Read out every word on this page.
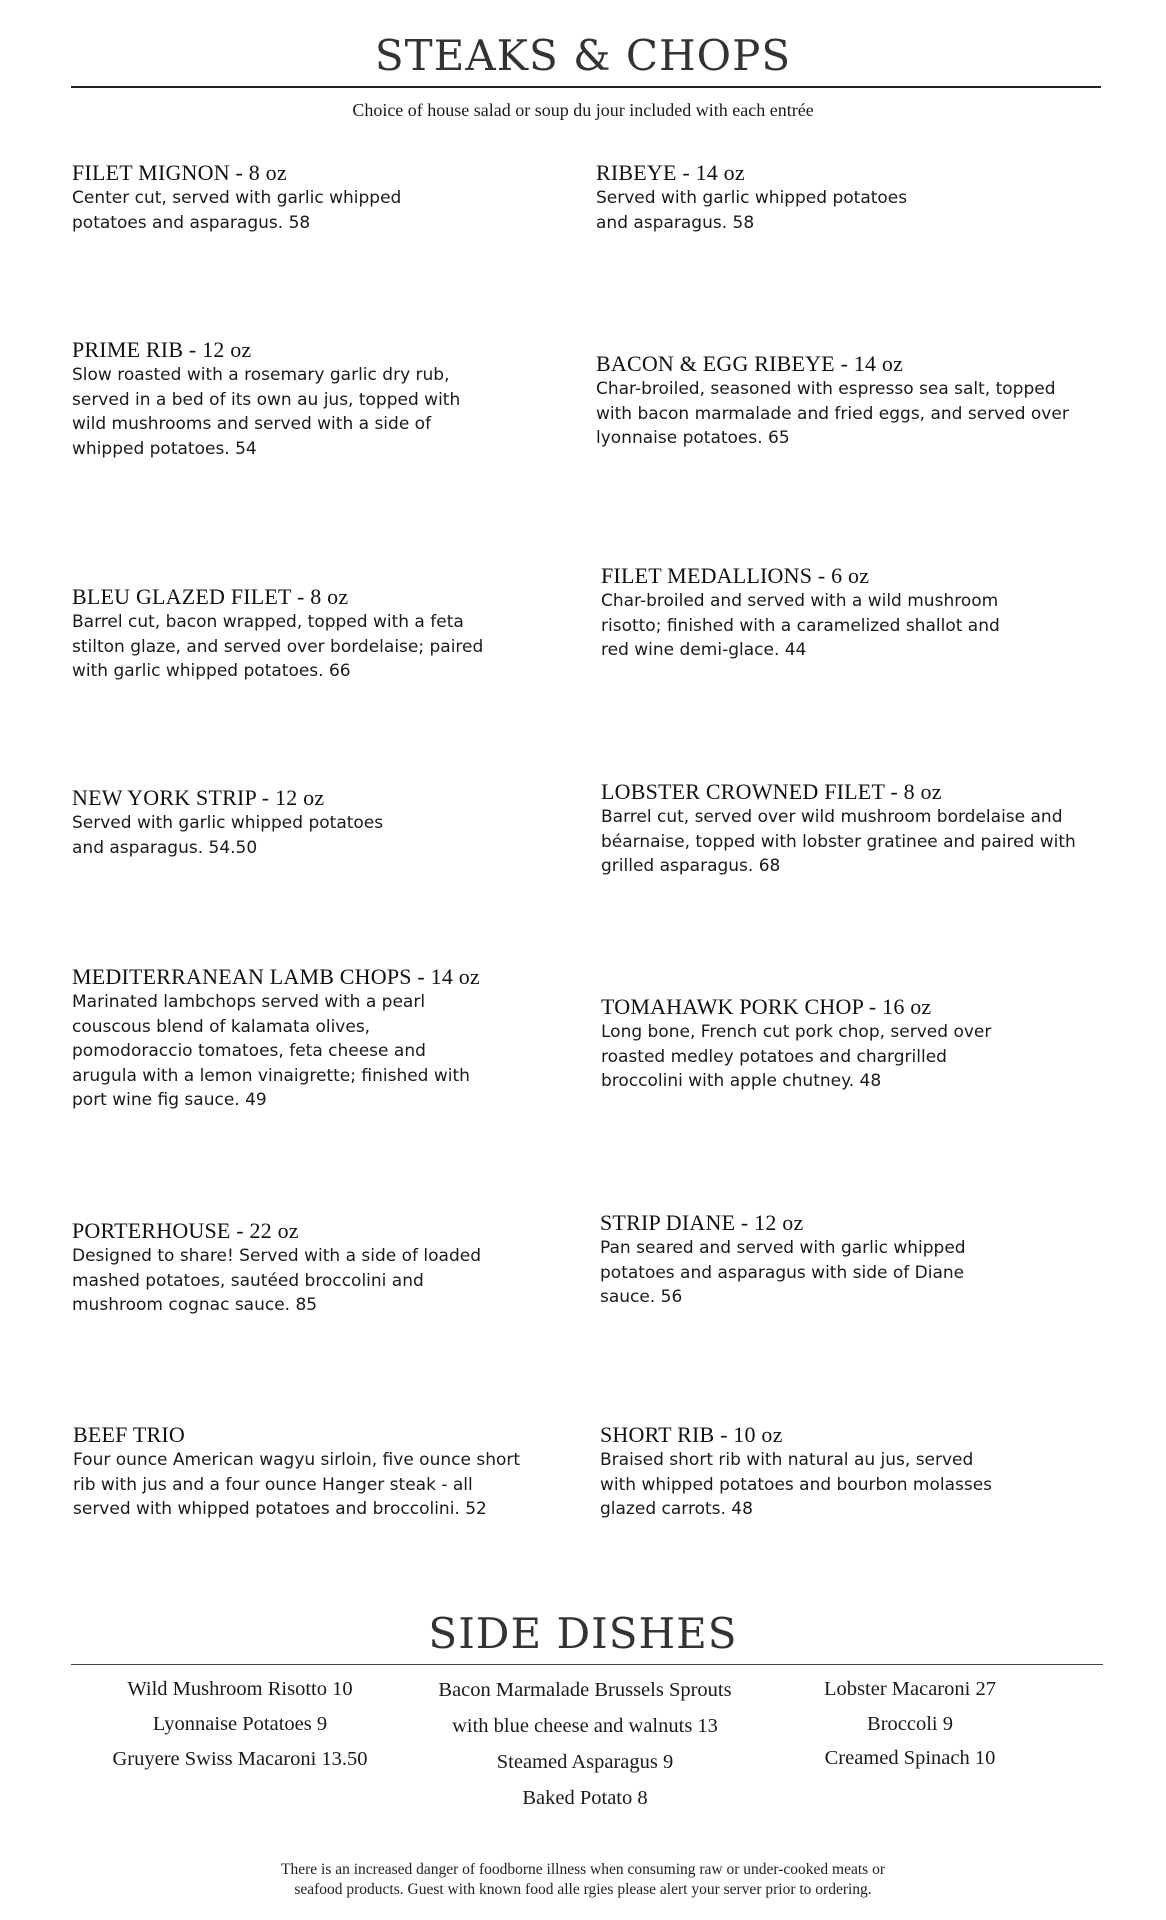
STEAKS & CHOPS
Choice of house salad or soup du jour included with each entrée
FILET MIGNON - 8 oz
Center cut, served with garlic whipped
potatoes and asparagus. 58
RIBEYE - 14 oz
Served with garlic whipped potatoes
and asparagus. 58
PRIME RIB - 12 oz
Slow roasted with a rosemary garlic dry rub,
served in a bed of its own au jus, topped with
wild mushrooms and served with a side of
whipped potatoes. 54
BACON & EGG RIBEYE - 14 oz
Char-broiled, seasoned with espresso sea salt, topped
with bacon marmalade and fried eggs, and served over
lyonnaise potatoes. 65
BLEU GLAZED FILET - 8 oz
Barrel cut, bacon wrapped, topped with a feta
stilton glaze, and served over bordelaise; paired
with garlic whipped potatoes. 66
FILET MEDALLIONS - 6 oz
Char-broiled and served with a wild mushroom
risotto; finished with a caramelized shallot and
red wine demi-glace. 44
NEW YORK STRIP - 12 oz
Served with garlic whipped potatoes
and asparagus. 54.50
LOBSTER CROWNED FILET - 8 oz
Barrel cut, served over wild mushroom bordelaise and
béarnaise, topped with lobster gratinee and paired with
grilled asparagus. 68
MEDITERRANEAN LAMB CHOPS - 14 oz
Marinated lambchops served with a pearl
couscous blend of kalamata olives,
pomodoraccio tomatoes, feta cheese and
arugula with a lemon vinaigrette; finished with
port wine fig sauce. 49
TOMAHAWK PORK CHOP - 16 oz
Long bone, French cut pork chop, served over
roasted medley potatoes and chargrilled
broccolini with apple chutney. 48
PORTERHOUSE - 22 oz
Designed to share! Served with a side of loaded
mashed potatoes, sautéed broccolini and
mushroom cognac sauce. 85
STRIP DIANE - 12 oz
Pan seared and served with garlic whipped
potatoes and asparagus with side of Diane
sauce. 56
BEEF TRIO
Four ounce American wagyu sirloin, five ounce short
rib with jus and a four ounce Hanger steak - all
served with whipped potatoes and broccolini. 52
SHORT RIB - 10 oz
Braised short rib with natural au jus, served
with whipped potatoes and bourbon molasses
glazed carrots. 48
SIDE DISHES
Wild Mushroom Risotto 10
Lyonnaise Potatoes 9
Gruyere Swiss Macaroni 13.50
Bacon Marmalade Brussels Sprouts
with blue cheese and walnuts 13
Steamed Asparagus 9
Baked Potato 8
Lobster Macaroni 27
Broccoli 9
Creamed Spinach 10
There is an increased danger of foodborne illness when consuming raw or under-cooked meats or
seafood products. Guest with known food alle rgies please alert your server prior to ordering.
